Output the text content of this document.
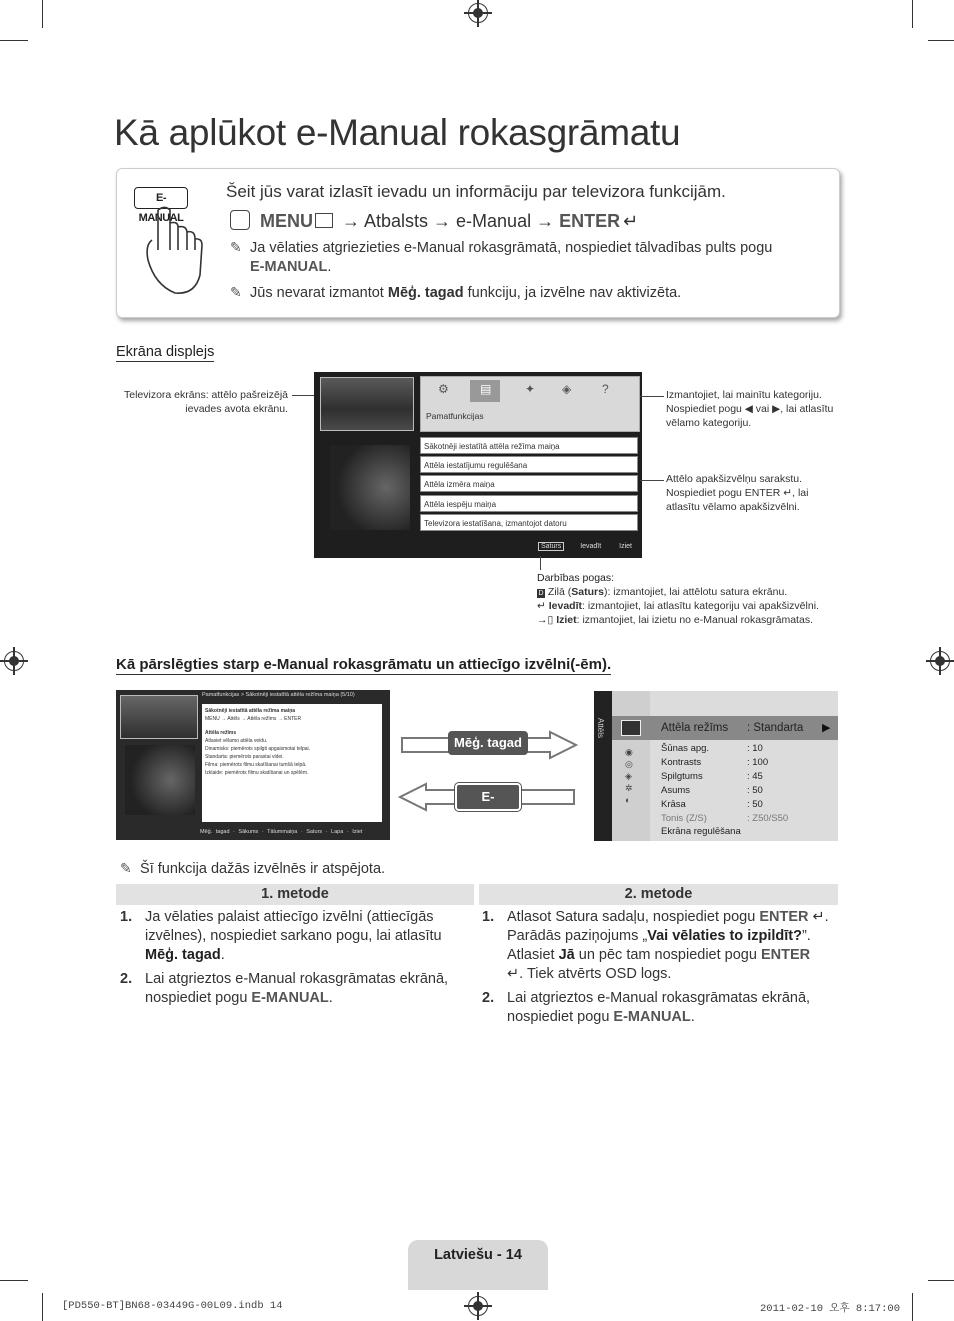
Kā aplūkot e-Manual rokasgrāmatu
E-MANUAL
Šeit jūs varat izlasīt ievadu un informāciju par televizora funkcijām.
MENU → Atbalsts → e-Manual → ENTER ↵
✎ Ja vēlaties atgriezieties e-Manual rokasgrāmatā, nospiediet tālvadības pults pogu
E-MANUAL.
✎ Jūs nevarat izmantot Mēģ. tagad funkciju, ja izvēlne nav aktivizēta.
Ekrāna displejs
Televizora ekrāns: attēlo pašreizējā
ievades avota ekrānu.
⚙	▤	✦ ◈	?
Pamatfunkcijas
Sākotnēji iestatītā attēla režīma maiņa
Attēla iestatījumu regulēšana
Attēla izmēra maiņa
Attēla iespēju maiņa
Televizora iestatīšana, izmantojot datoru
Saturs	Ievadīt	Iziet
Izmantojiet, lai mainītu kategoriju.
Nospiediet pogu ◀ vai ▶, lai atlasītu
vēlamo kategoriju.
Attēlo apakšizvēlņu sarakstu.
Nospiediet pogu ENTER ↵, lai
atlasītu vēlamo apakšizvēlni.
Darbības pogas:
D Zilā (Saturs): izmantojiet, lai attēlotu satura ekrānu.
↵ Ievadīt: izmantojiet, lai atlasītu kategoriju vai apakšizvēlni.
→▯ Iziet: izmantojiet, lai izietu no e-Manual rokasgrāmatas.
Kā pārslēgties starp e-Manual rokasgrāmatu un attiecīgo izvēlni(-ēm).
Pamatfunkcijas > Sākotnēji iestatītā attēla režīma maiņa (5/10)
Sākotnēji iestatītā attēla režīma maiņa
MENU → Attēls → Attēla režīms → ENTER
Attēla režīms
Atlasiet vēlamo attēla veidu.
Dinamisks: piemērots spilgti apgaismotai telpai.
Standarta: piemērots parastai videi.
Filma: piemērots filmu skatīšanai tumšā telpā.
Izklaide: piemērots filmu skatīšanai un spēlēm.
Mēģ. tagad · Sākums · Tālummaiņa · Saturs · Lapa · Iziet
Mēģ. tagad
E-MANUAL
Attēls
◉
◎
◈
✲
◐
Attēla režīms : Standarta ▶
Šūnas apg.	: 10
Kontrasts	: 100
Spilgtums	: 45
Asums	: 50
Krāsa	: 50
Tonis (Z/S)	: Z50/S50
Ekrāna regulēšana
✎ Šī funkcija dažās izvēlnēs ir atspējota.
1. metode	2. metode
1. Ja vēlaties palaist attiecīgo izvēlni (attiecīgās izvēlnes), nospiediet sarkano pogu, lai atlasītu Mēģ. tagad.
2. Lai atgrieztos e-Manual rokasgrāmatas ekrānā, nospiediet pogu E-MANUAL.
1. Atlasot Satura sadaļu, nospiediet pogu ENTER ↵. Parādās paziņojums „Vai vēlaties to izpildīt?”. Atlasiet Jā un pēc tam nospiediet pogu ENTER ↵. Tiek atvērts OSD logs.
2. Lai atgrieztos e-Manual rokasgrāmatas ekrānā, nospiediet pogu E-MANUAL.
Latviešu - 14
[PD550-BT]BN68-03449G-00L09.indb 14	2011-02-10 오후 8:17:00
